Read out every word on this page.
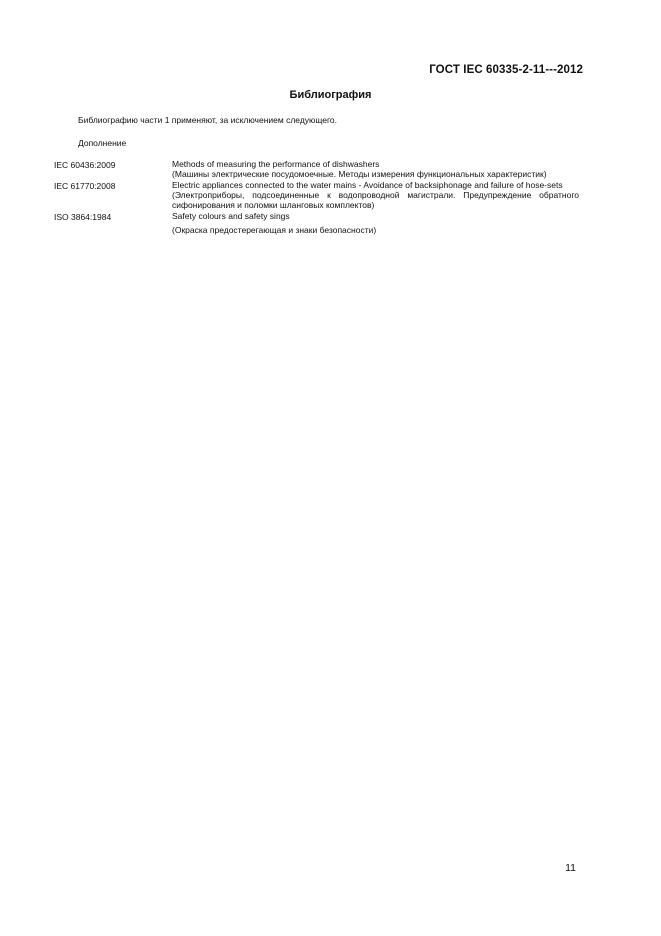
ГОСТ IEC 60335-2-11---2012
Библиография
Библиографию части 1 применяют, за исключением следующего.
Дополнение
IEC 60436:2009	Methods of measuring the performance of dishwashers
(Машины электрические посудомоечные. Методы измерения функциональных характеристик)
IEC 61770:2008	Electric appliances connected to the water mains - Avoidance of backsiphonage and failure of hose-sets
(Электроприборы, подсоединенные к водопроводной магистрали. Предупреждение обратного сифонирования и поломки шланговых комплектов)
ISO 3864:1984	Safety colours and safety sings
(Окраска предостерегающая и знаки безопасности)
11
